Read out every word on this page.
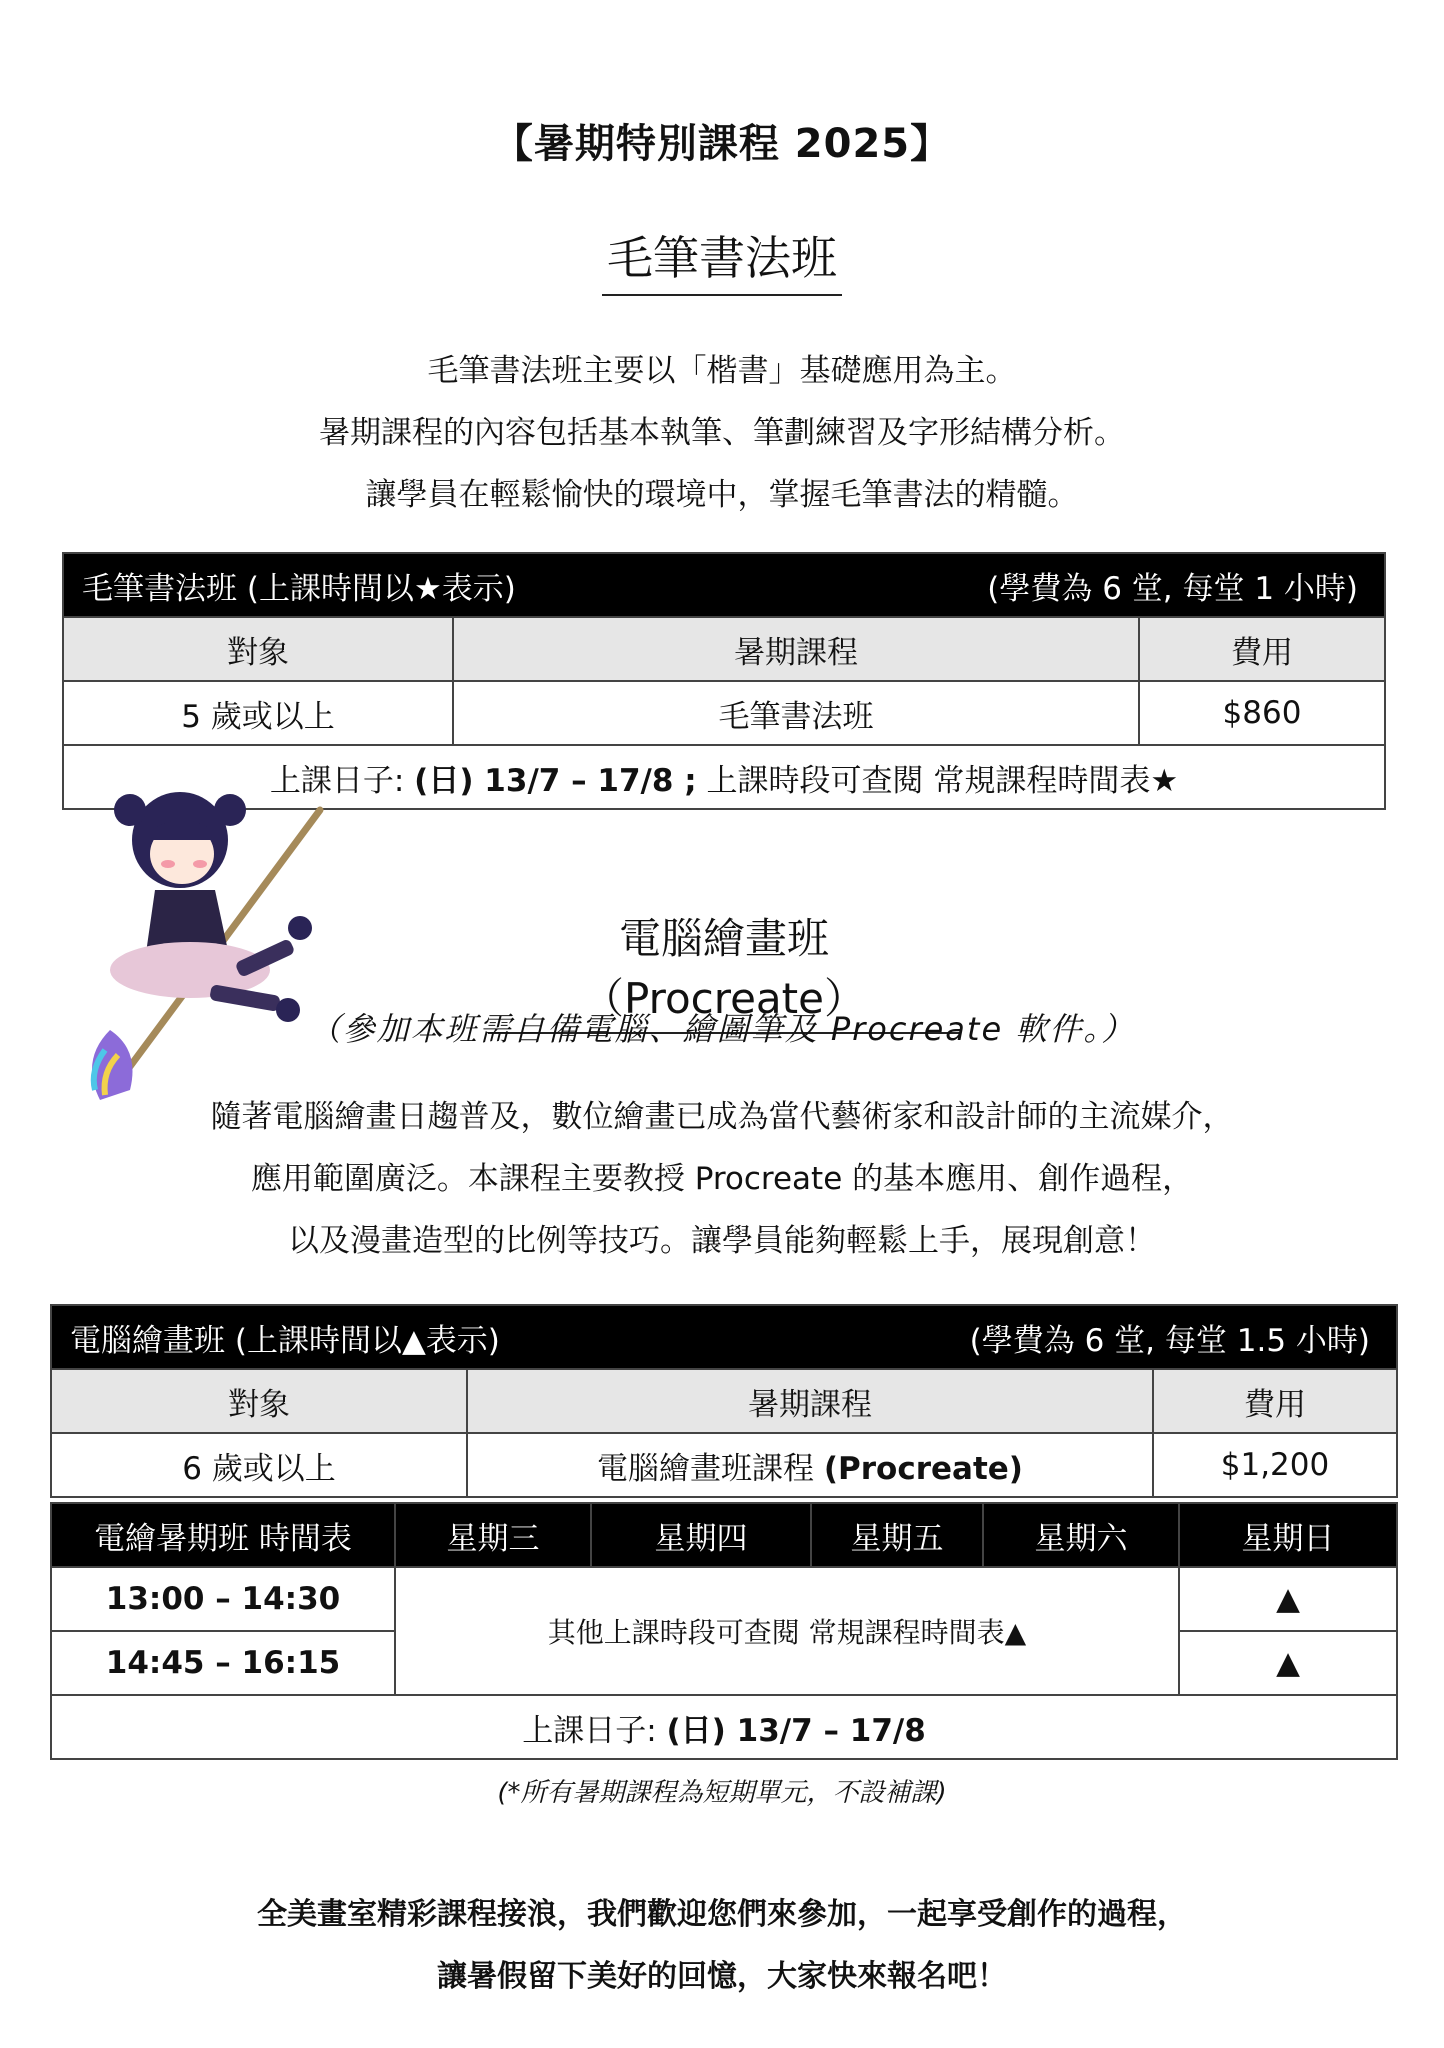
【暑期特別課程 2025】
毛筆書法班
毛筆書法班主要以「楷書」基礎應用為主。
暑期課程的內容包括基本執筆、筆劃練習及字形結構分析。
讓學員在輕鬆愉快的環境中，掌握毛筆書法的精髓。
毛筆書法班 (上課時間以★表示) (學費為 6 堂, 每堂 1 小時)		

對象	暑期課程	費用
5 歲或以上	毛筆書法班	$860
上課日子: (日) 13/7 – 17/8 ; 上課時段可查閱 常規課程時間表★		
電腦繪畫班（Procreate）
（參加本班需自備電腦、繪圖筆及 Procreate 軟件。）
隨著電腦繪畫日趨普及，數位繪畫已成為當代藝術家和設計師的主流媒介，
應用範圍廣泛。本課程主要教授 Procreate 的基本應用、創作過程，
以及漫畫造型的比例等技巧。讓學員能夠輕鬆上手，展現創意！
電腦繪畫班 (上課時間以▲表示) (學費為 6 堂, 每堂 1.5 小時)		

對象	暑期課程	費用
6 歲或以上	電腦繪畫班課程 (Procreate)	$1,200
電繪暑期班 時間表	星期三	星期四	星期五	星期六	星期日
13:00 – 14:30	其他上課時段可查閱 常規課程時間表▲				▲
14:45 – 16:15					▲
上課日子: (日) 13/7 – 17/8					
(*所有暑期課程為短期單元，不設補課)
全美畫室精彩課程接浪，我們歡迎您們來參加，一起享受創作的過程，
讓暑假留下美好的回憶，大家快來報名吧！
